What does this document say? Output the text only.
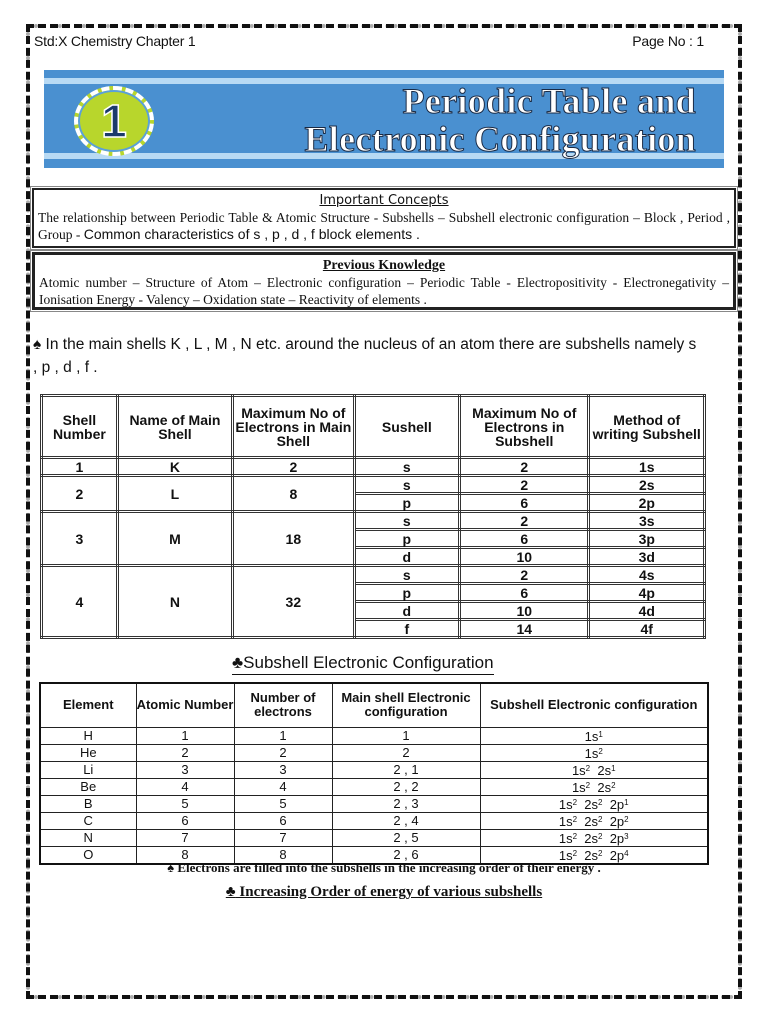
Std:X Chemistry Chapter 1	Page No : 1
1	Periodic Table and
Electronic Configuration
Important Concepts

The relationship between Periodic Table & Atomic Structure - Subshells – Subshell electronic configuration – Block , Period , Group - Common characteristics of s , p , d , f block elements .

Previous Knowledge

Atomic number – Structure of Atom – Electronic configuration – Periodic Table - Electropositivity - Electronegativity – Ionisation Energy - Valency – Oxidation state – Reactivity of elements .

♠ In the main shells K , L , M , N etc. around the nucleus of an atom there are subshells namely s , p , d , f .
Shell Number	Name of Main Shell	Maximum No of Electrons in Main Shell	Sushell	Maximum No of Electrons in Subshell	Method of writing Subshell
1	K	2	s	2	1s
2	L	8	s	2	2s
			p	6	2p
3	M	18	s	2	3s
			p	6	3p
			d	10	3d
4	N	32	s	2	4s
			p	6	4p
			d	10	4d
			f	14	4f
♣Subshell Electronic Configuration
Element	Atomic Number	Number of electrons	Main shell Electronic configuration	Subshell Electronic configuration
H	1	1	1	$1s^1$
He	2	2	2	$1s^2$
Li	3	3	2 , 1	$1s^2$ $2s^1$
Be	4	4	2 , 2	$1s^2$ $2s^2$
B	5	5	2 , 3	$1s^2$ $2s^2$ $2p^1$
C	6	6	2 , 4	$1s^2$ $2s^2$ $2p^2$
N	7	7	2 , 5	$1s^2$ $2s^2$ $2p^3$
O	8	8	2 , 6	$1s^2$ $2s^2$ $2p^4$
♠ Electrons are filled into the subshells in the increasing order of their energy .
♣ Increasing Order of energy of various subshells
